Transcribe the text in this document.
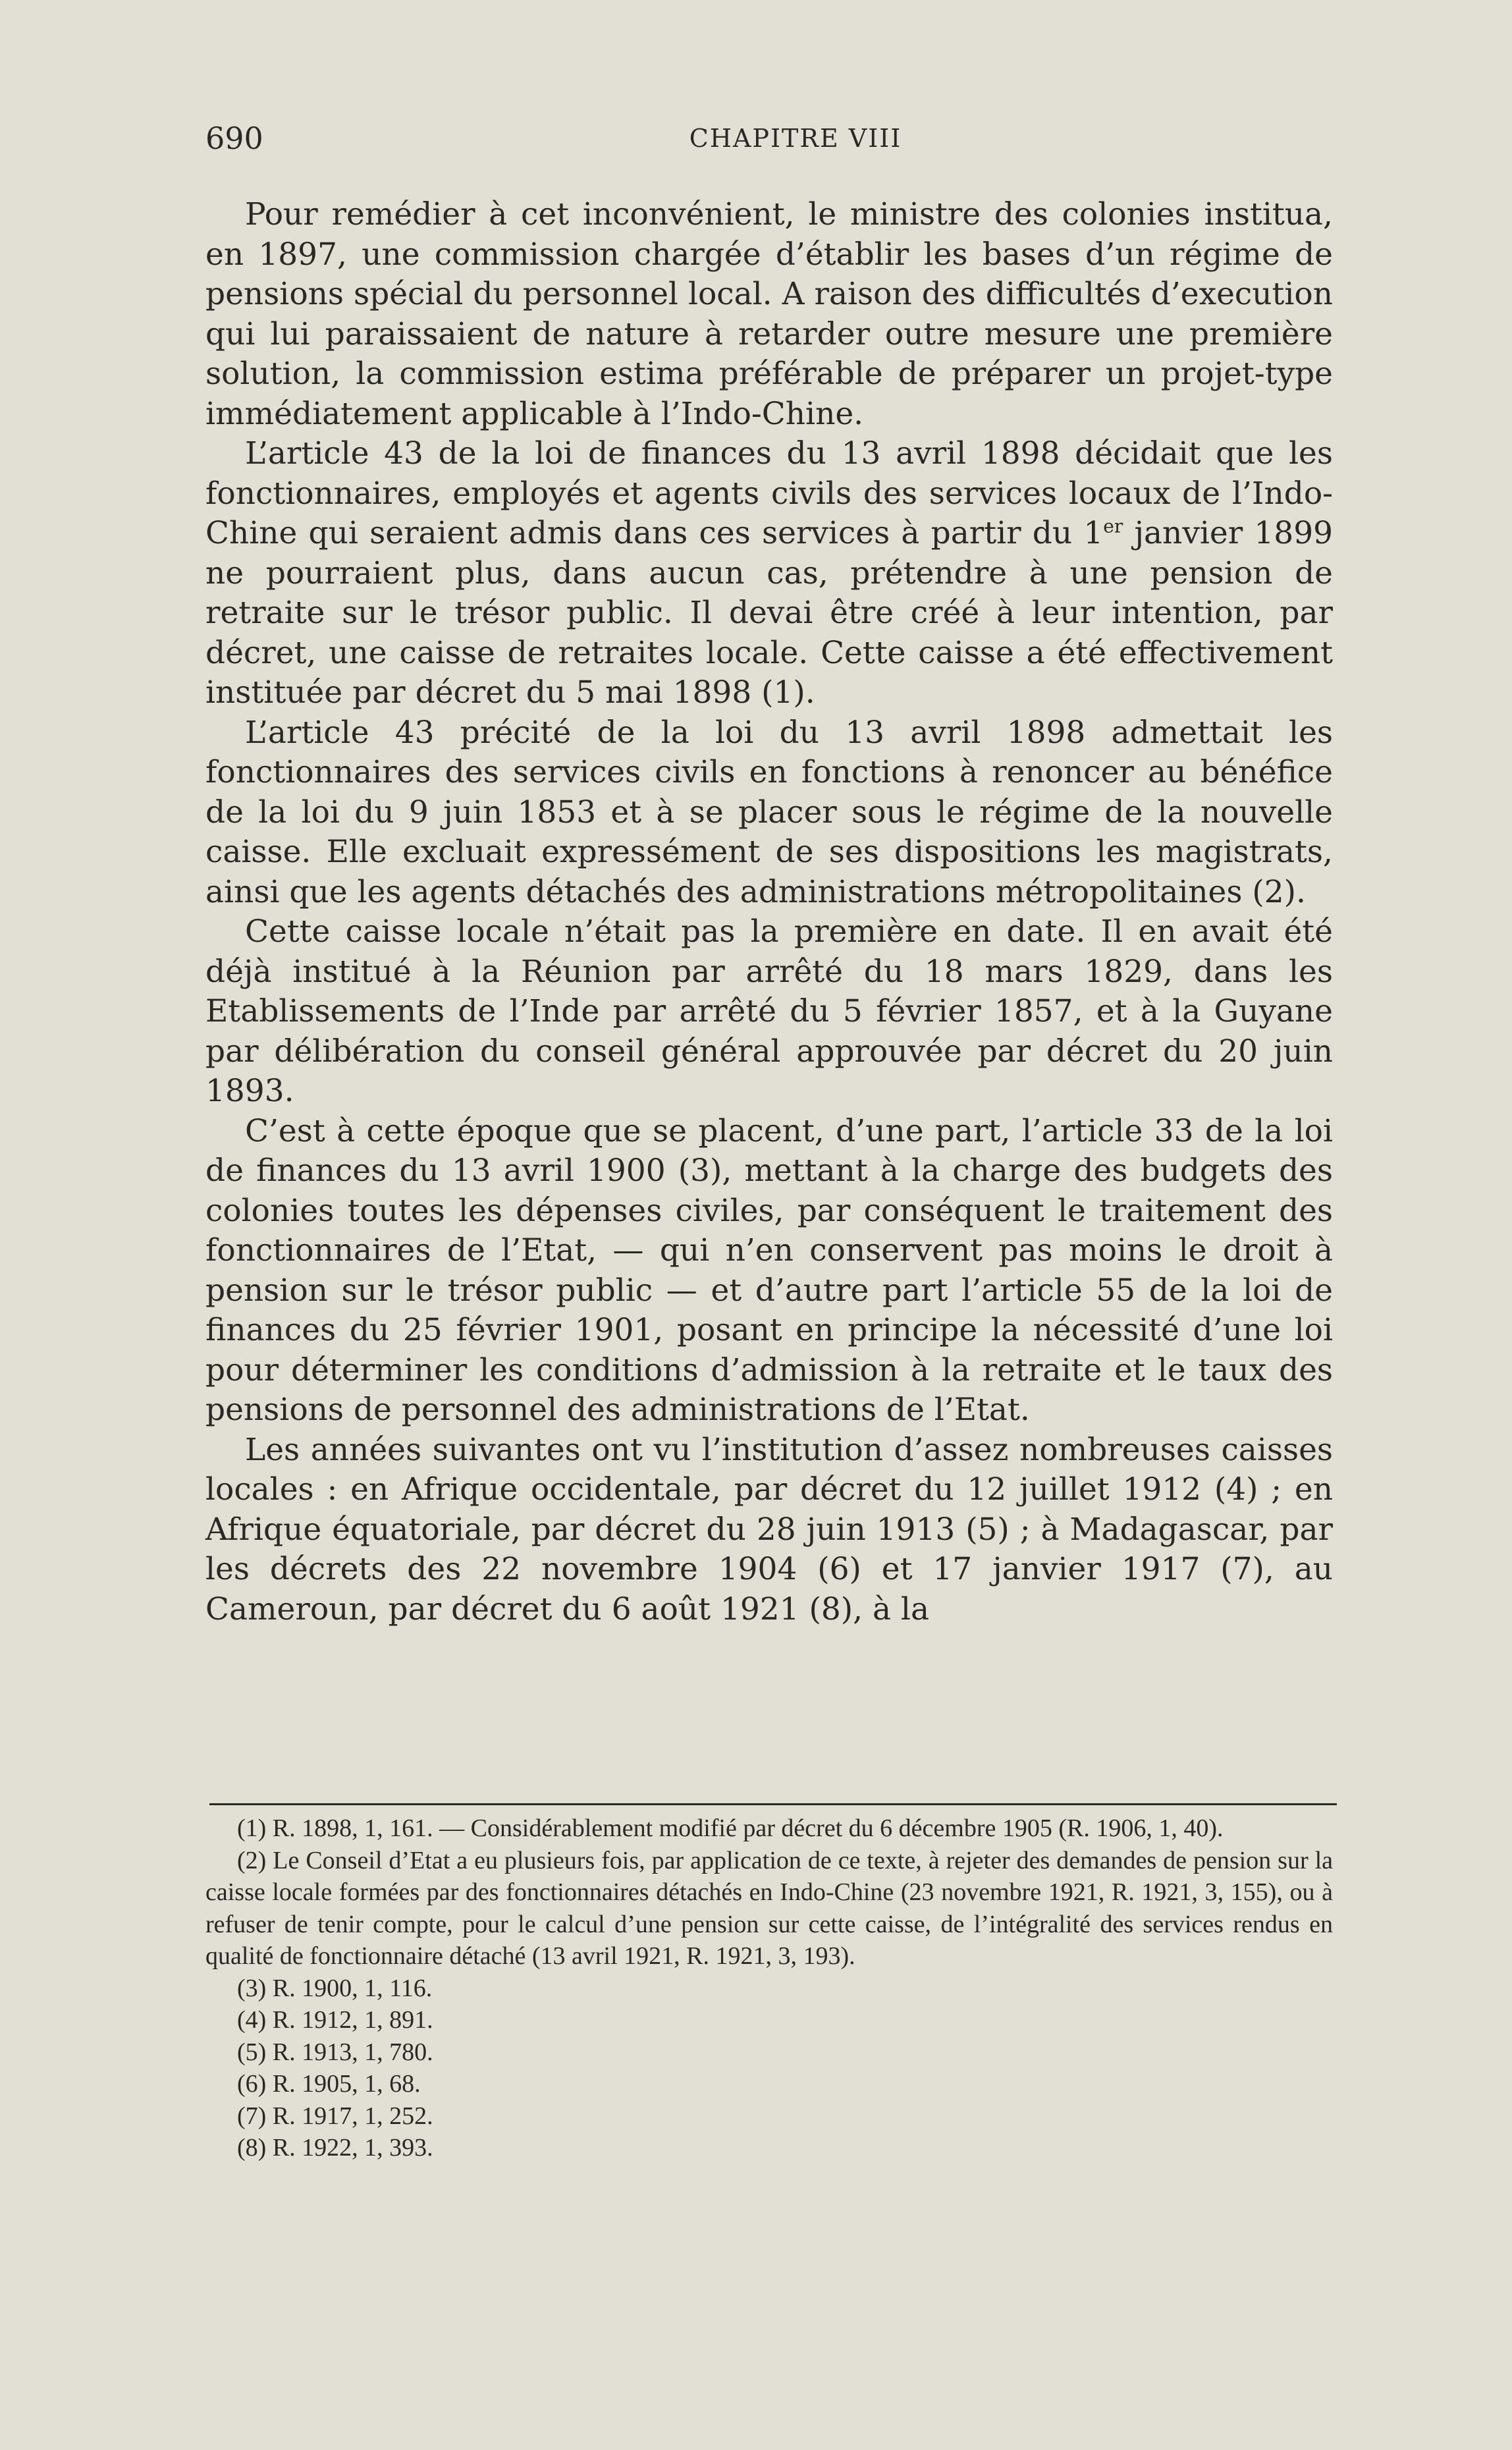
690	CHAPITRE VIII

Pour remédier à cet inconvénient, le ministre des colonies institua, en 1897, une commission chargée d’établir les bases d’un régime de pensions spécial du personnel local. A raison des difficultés d’execution qui lui paraissaient de nature à retarder outre mesure une première solution, la commission estima préférable de préparer un projet-type immédiatement applicable à l’Indo-Chine.

L’article 43 de la loi de finances du 13 avril 1898 décidait que les fonctionnaires, employés et agents civils des services locaux de l’Indo-Chine qui seraient admis dans ces services à partir du 1er janvier 1899 ne pourraient plus, dans aucun cas, prétendre à une pension de retraite sur le trésor public. Il devai être créé à leur intention, par décret, une caisse de retraites locale. Cette caisse a été effectivement instituée par décret du 5 mai 1898 (1).

L’article 43 précité de la loi du 13 avril 1898 admettait les fonctionnaires des services civils en fonctions à renoncer au bénéfice de la loi du 9 juin 1853 et à se placer sous le régime de la nouvelle caisse. Elle excluait expressément de ses dispositions les magistrats, ainsi que les agents détachés des administrations métropolitaines (2).

Cette caisse locale n’était pas la première en date. Il en avait été déjà institué à la Réunion par arrêté du 18 mars 1829, dans les Etablissements de l’Inde par arrêté du 5 février 1857, et à la Guyane par délibération du conseil général approuvée par décret du 20 juin 1893.

C’est à cette époque que se placent, d’une part, l’article 33 de la loi de finances du 13 avril 1900 (3), mettant à la charge des budgets des colonies toutes les dépenses civiles, par conséquent le traitement des fonctionnaires de l’Etat, — qui n’en conservent pas moins le droit à pension sur le trésor public — et d’autre part l’article 55 de la loi de finances du 25 février 1901, posant en principe la nécessité d’une loi pour déterminer les conditions d’admission à la retraite et le taux des pensions de personnel des administrations de l’Etat.

Les années suivantes ont vu l’institution d’assez nombreuses caisses locales : en Afrique occidentale, par décret du 12 juillet 1912 (4) ; en Afrique équatoriale, par décret du 28 juin 1913 (5) ; à Madagascar, par les décrets des 22 novembre 1904 (6) et 17 janvier 1917 (7), au Cameroun, par décret du 6 août 1921 (8), à la

(1) R. 1898, 1, 161. — Considérablement modifié par décret du 6 décembre 1905 (R. 1906, 1, 40).

(2) Le Conseil d’Etat a eu plusieurs fois, par application de ce texte, à rejeter des demandes de pension sur la caisse locale formées par des fonctionnaires détachés en Indo-Chine (23 novembre 1921, R. 1921, 3, 155), ou à refuser de tenir compte, pour le calcul d’une pension sur cette caisse, de l’intégralité des services rendus en qualité de fonctionnaire détaché (13 avril 1921, R. 1921, 3, 193).

(3) R. 1900, 1, 116.

(4) R. 1912, 1, 891.

(5) R. 1913, 1, 780.

(6) R. 1905, 1, 68.

(7) R. 1917, 1, 252.

(8) R. 1922, 1, 393.
